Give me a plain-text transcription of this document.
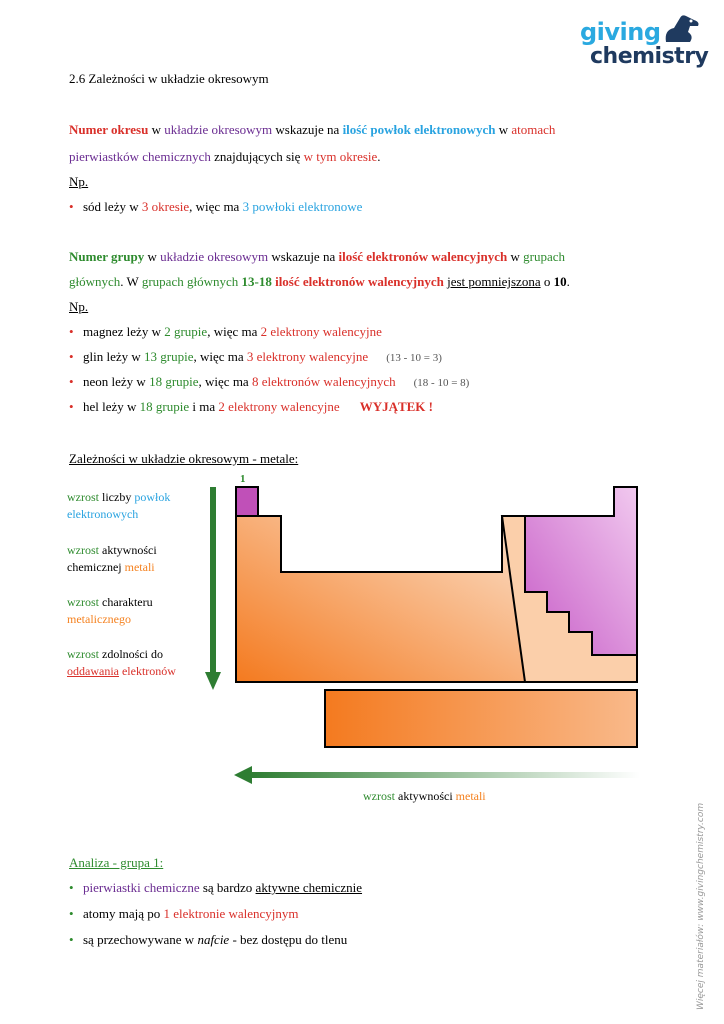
giving
chemistry
2.6 Zależności w układzie okresowym
Numer okresu w układzie okresowym wskazuje na ilość powłok elektronowych w atomach
pierwiastków chemicznych znajdujących się w tym okresie.
Np.
• sód leży w 3 okresie, więc ma 3 powłoki elektronowe
Numer grupy w układzie okresowym wskazuje na ilość elektronów walencyjnych w grupach
głównych. W grupach głównych 13-18 ilość elektronów walencyjnych jest pomniejszona o 10.
Np.
• magnez leży w 2 grupie, więc ma 2 elektrony walencyjne
• glin leży w 13 grupie, więc ma 3 elektrony walencyjne (13 - 10 = 3)
• neon leży w 18 grupie, więc ma 8 elektronów walencyjnych (18 - 10 = 8)
• hel leży w 18 grupie i ma 2 elektrony walencyjne WYJĄTEK !
Zależności w układzie okresowym - metale:
wzrost liczby powłok
elektronowych
wzrost aktywności
chemicznej metali
wzrost charakteru
metalicznego
wzrost zdolności do
oddawania elektronów
1
wzrost aktywności metali
Analiza - grupa 1:
• pierwiastki chemiczne są bardzo aktywne chemicznie
• atomy mają po 1 elektronie walencyjnym
• są przechowywane w nafcie - bez dostępu do tlenu	Więcej materiałów: www.givingchemistry.com
